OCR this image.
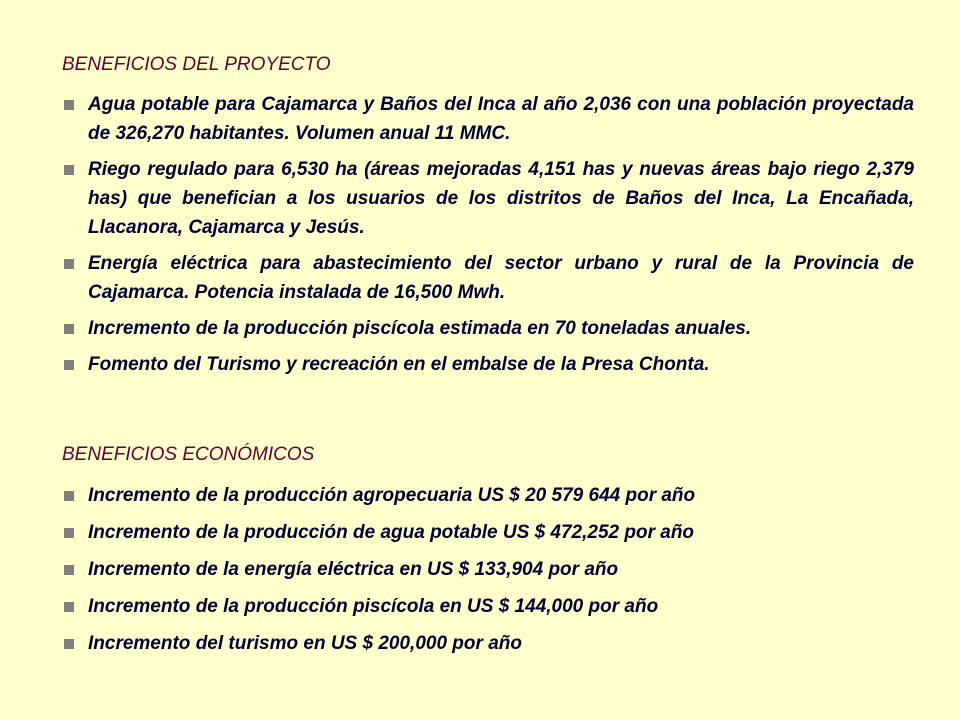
BENEFICIOS DEL PROYECTO
Agua potable para Cajamarca y Baños del Inca al año 2,036 con una población proyectada de 326,270 habitantes. Volumen anual 11 MMC.
Riego regulado para 6,530 ha (áreas mejoradas 4,151 has y nuevas áreas bajo riego 2,379 has) que benefician a los usuarios de los distritos de Baños del Inca, La Encañada, Llacanora, Cajamarca y Jesús.
Energía eléctrica para abastecimiento del sector urbano y rural de la Provincia de Cajamarca. Potencia instalada de 16,500 Mwh.
Incremento de la producción piscícola estimada en 70 toneladas anuales.
Fomento del Turismo y recreación en el embalse de la Presa Chonta.
BENEFICIOS ECONÓMICOS
Incremento de la producción agropecuaria US $ 20 579 644 por año
Incremento de la producción de agua potable US $ 472,252 por año
Incremento de la energía eléctrica en US $ 133,904 por año
Incremento de la producción piscícola en US $ 144,000 por año
Incremento del turismo en US $ 200,000 por año
